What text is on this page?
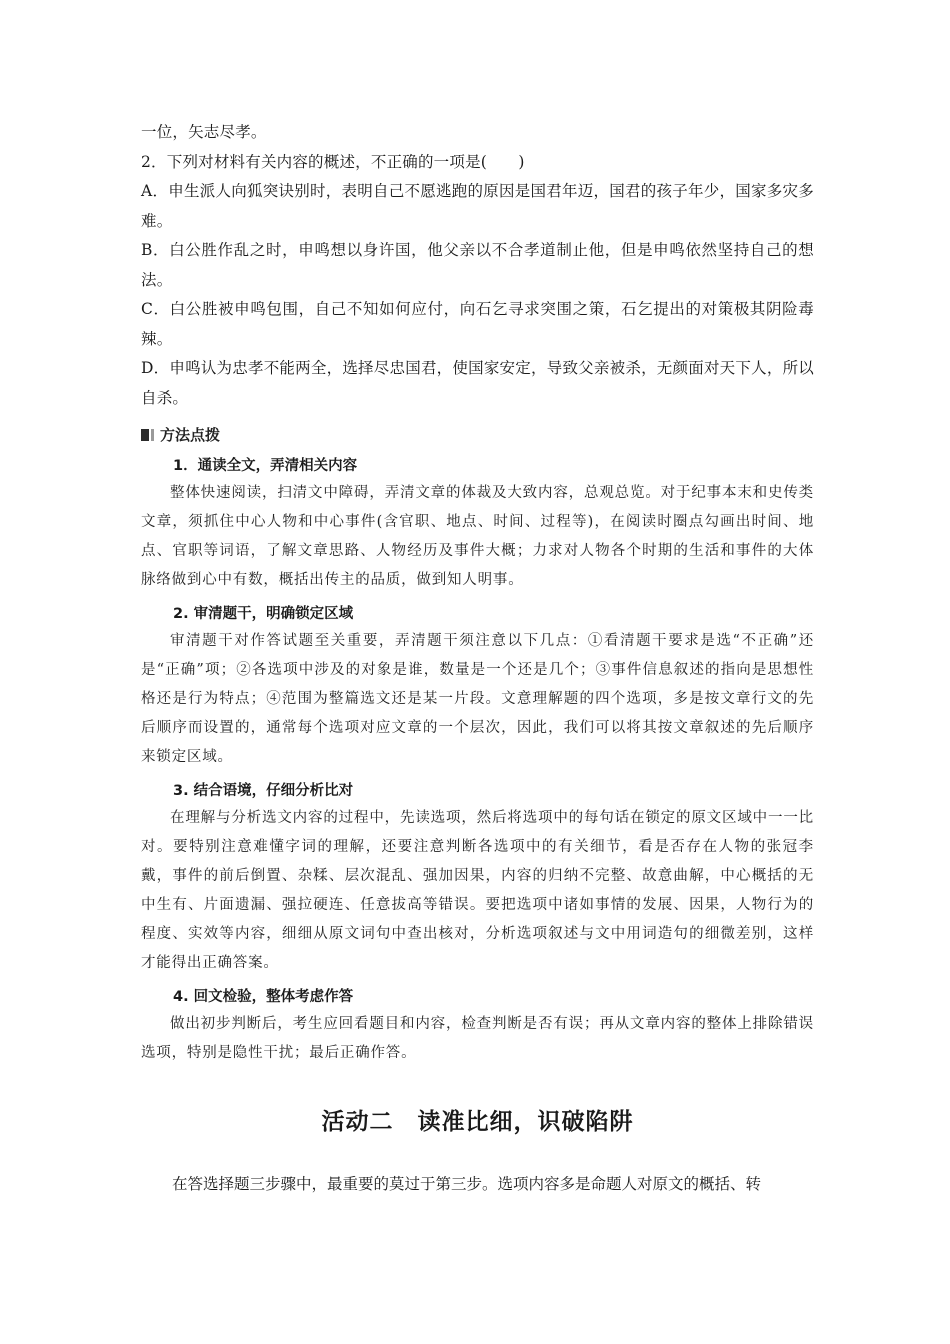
一位，矢志尽孝。

2．下列对材料有关内容的概述，不正确的一项是(　　)

A．申生派人向狐突诀别时，表明自己不愿逃跑的原因是国君年迈，国君的孩子年少，国家多灾多难。

B．白公胜作乱之时，申鸣想以身许国，他父亲以不合孝道制止他，但是申鸣依然坚持自己的想法。

C．白公胜被申鸣包围，自己不知如何应付，向石乞寻求突围之策，石乞提出的对策极其阴险毒辣。

D．申鸣认为忠孝不能两全，选择尽忠国君，使国家安定，导致父亲被杀，无颜面对天下人，所以自杀。

方法点拨

1．通读全文，弄清相关内容

整体快速阅读，扫清文中障碍，弄清文章的体裁及大致内容，总观总览。对于纪事本末和史传类文章，须抓住中心人物和中心事件(含官职、地点、时间、过程等)，在阅读时圈点勾画出时间、地点、官职等词语，了解文章思路、人物经历及事件大概；力求对人物各个时期的生活和事件的大体脉络做到心中有数，概括出传主的品质，做到知人明事。

2. 审清题干，明确锁定区域

审清题干对作答试题至关重要，弄清题干须注意以下几点：①看清题干要求是选“不正确”还是“正确”项；②各选项中涉及的对象是谁，数量是一个还是几个；③事件信息叙述的指向是思想性格还是行为特点；④范围为整篇选文还是某一片段。文意理解题的四个选项，多是按文章行文的先后顺序而设置的，通常每个选项对应文章的一个层次，因此，我们可以将其按文章叙述的先后顺序来锁定区域。

3. 结合语境，仔细分析比对

在理解与分析选文内容的过程中，先读选项，然后将选项中的每句话在锁定的原文区域中一一比对。要特别注意难懂字词的理解，还要注意判断各选项中的有关细节，看是否存在人物的张冠李戴，事件的前后倒置、杂糅、层次混乱、强加因果，内容的归纳不完整、故意曲解，中心概括的无中生有、片面遗漏、强拉硬连、任意拔高等错误。要把选项中诸如事情的发展、因果，人物行为的程度、实效等内容，细细从原文词句中查出核对，分析选项叙述与文中用词造句的细微差别，这样才能得出正确答案。

4. 回文检验，整体考虑作答

做出初步判断后，考生应回看题目和内容，检查判断是否有误；再从文章内容的整体上排除错误选项，特别是隐性干扰；最后正确作答。

活动二　读准比细，识破陷阱

在答选择题三步骤中，最重要的莫过于第三步。选项内容多是命题人对原文的概括、转
